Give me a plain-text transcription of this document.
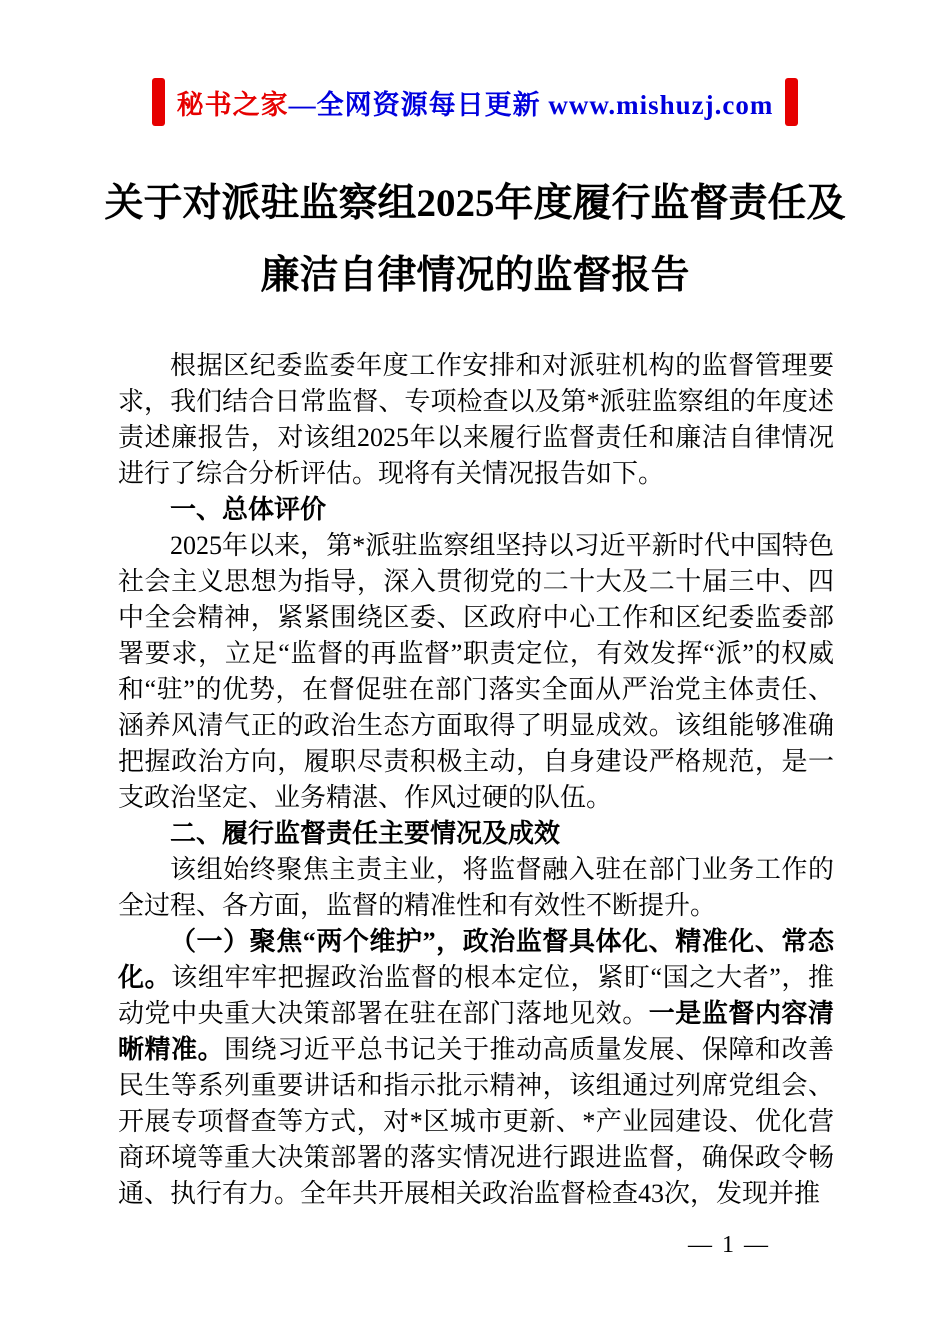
秘书之家—全网资源每日更新 www.mishuzj.com
关于对派驻监察组2025年度履行监督责任及
廉洁自律情况的监督报告

根据区纪委监委年度工作安排和对派驻机构的监督管理要求，我们结合日常监督、专项检查以及第*派驻监察组的年度述责述廉报告，对该组2025年以来履行监督责任和廉洁自律情况进行了综合分析评估。现将有关情况报告如下。

一、总体评价

2025年以来，第*派驻监察组坚持以习近平新时代中国特色社会主义思想为指导，深入贯彻党的二十大及二十届三中、四中全会精神，紧紧围绕区委、区政府中心工作和区纪委监委部署要求，立足“监督的再监督”职责定位，有效发挥“派”的权威和“驻”的优势，在督促驻在部门落实全面从严治党主体责任、涵养风清气正的政治生态方面取得了明显成效。该组能够准确把握政治方向，履职尽责积极主动，自身建设严格规范，是一支政治坚定、业务精湛、作风过硬的队伍。

二、履行监督责任主要情况及成效

该组始终聚焦主责主业，将监督融入驻在部门业务工作的全过程、各方面，监督的精准性和有效性不断提升。

（一）聚焦“两个维护”，政治监督具体化、精准化、常态化。该组牢牢把握政治监督的根本定位，紧盯“国之大者”，推动党中央重大决策部署在驻在部门落地见效。一是监督内容清晰精准。围绕习近平总书记关于推动高质量发展、保障和改善民生等系列重要讲话和指示批示精神，该组通过列席党组会、开展专项督查等方式，对*区城市更新、*产业园建设、优化营商环境等重大决策部署的落实情况进行跟进监督，确保政令畅通、执行有力。全年共开展相关政治监督检查43次，发现并推

— 1 —
